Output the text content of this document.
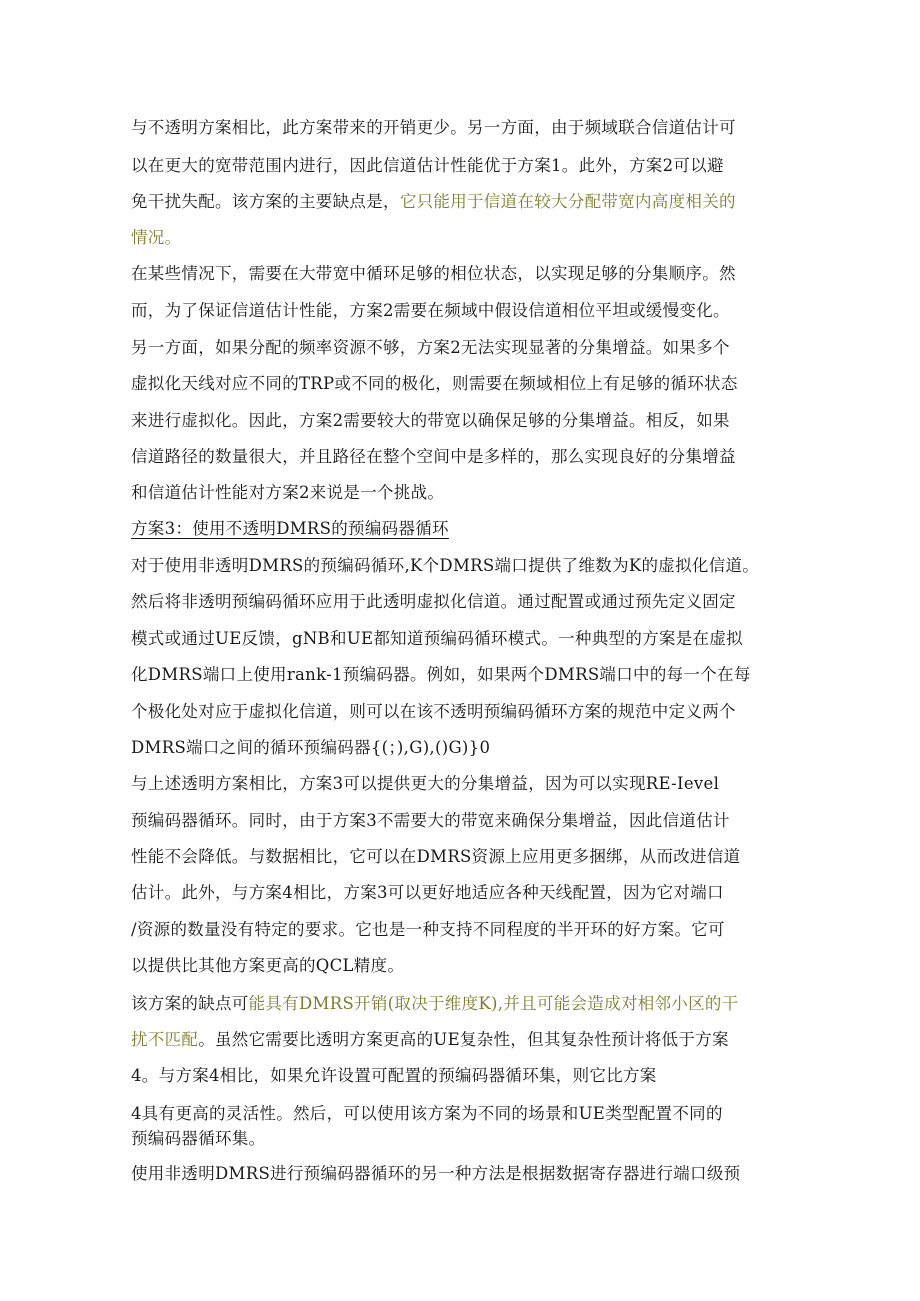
与不透明方案相比，此方案带来的开销更少。另一方面，由于频域联合信道估计可
以在更大的宽带范围内进行，因此信道估计性能优于方案1。此外，方案2可以避
免干扰失配。该方案的主要缺点是，它只能用于信道在较大分配带宽内高度相关的
情况。
在某些情况下，需要在大带宽中循环足够的相位状态，以实现足够的分集顺序。然
而，为了保证信道估计性能，方案2需要在频域中假设信道相位平坦或缓慢变化。
另一方面，如果分配的频率资源不够，方案2无法实现显著的分集增益。如果多个
虚拟化天线对应不同的TRP或不同的极化，则需要在频域相位上有足够的循环状态
来进行虚拟化。因此，方案2需要较大的带宽以确保足够的分集增益。相反，如果
信道路径的数量很大，并且路径在整个空间中是多样的，那么实现良好的分集增益
和信道估计性能对方案2来说是一个挑战。
方案3：使用不透明DMRS的预编码器循环
对于使用非透明DMRS的预编码循环,K个DMRS端口提供了维数为K的虚拟化信道。
然后将非透明预编码循环应用于此透明虚拟化信道。通过配置或通过预先定义固定
模式或通过UE反馈，gNB和UE都知道预编码循环模式。一种典型的方案是在虚拟
化DMRS端口上使用rank-1预编码器。例如，如果两个DMRS端口中的每一个在每
个极化处对应于虚拟化信道，则可以在该不透明预编码循环方案的规范中定义两个
DMRS端口之间的循环预编码器{(；),G),()G)}0
与上述透明方案相比，方案3可以提供更大的分集增益，因为可以实现RE-Ievel
预编码器循环。同时，由于方案3不需要大的带宽来确保分集增益，因此信道估计
性能不会降低。与数据相比，它可以在DMRS资源上应用更多捆绑，从而改进信道
估计。此外，与方案4相比，方案3可以更好地适应各种天线配置，因为它对端口
/资源的数量没有特定的要求。它也是一种支持不同程度的半开环的好方案。它可
以提供比其他方案更高的QCL精度。
该方案的缺点可能具有DMRS开销(取决于维度K),并且可能会造成对相邻小区的干
扰不匹配。虽然它需要比透明方案更高的UE复杂性，但其复杂性预计将低于方案
4。与方案4相比，如果允许设置可配置的预编码器循环集，则它比方案
4具有更高的灵活性。然后，可以使用该方案为不同的场景和UE类型配置不同的
预编码器循环集。
使用非透明DMRS进行预编码器循环的另一种方法是根据数据寄存器进行端口级预
